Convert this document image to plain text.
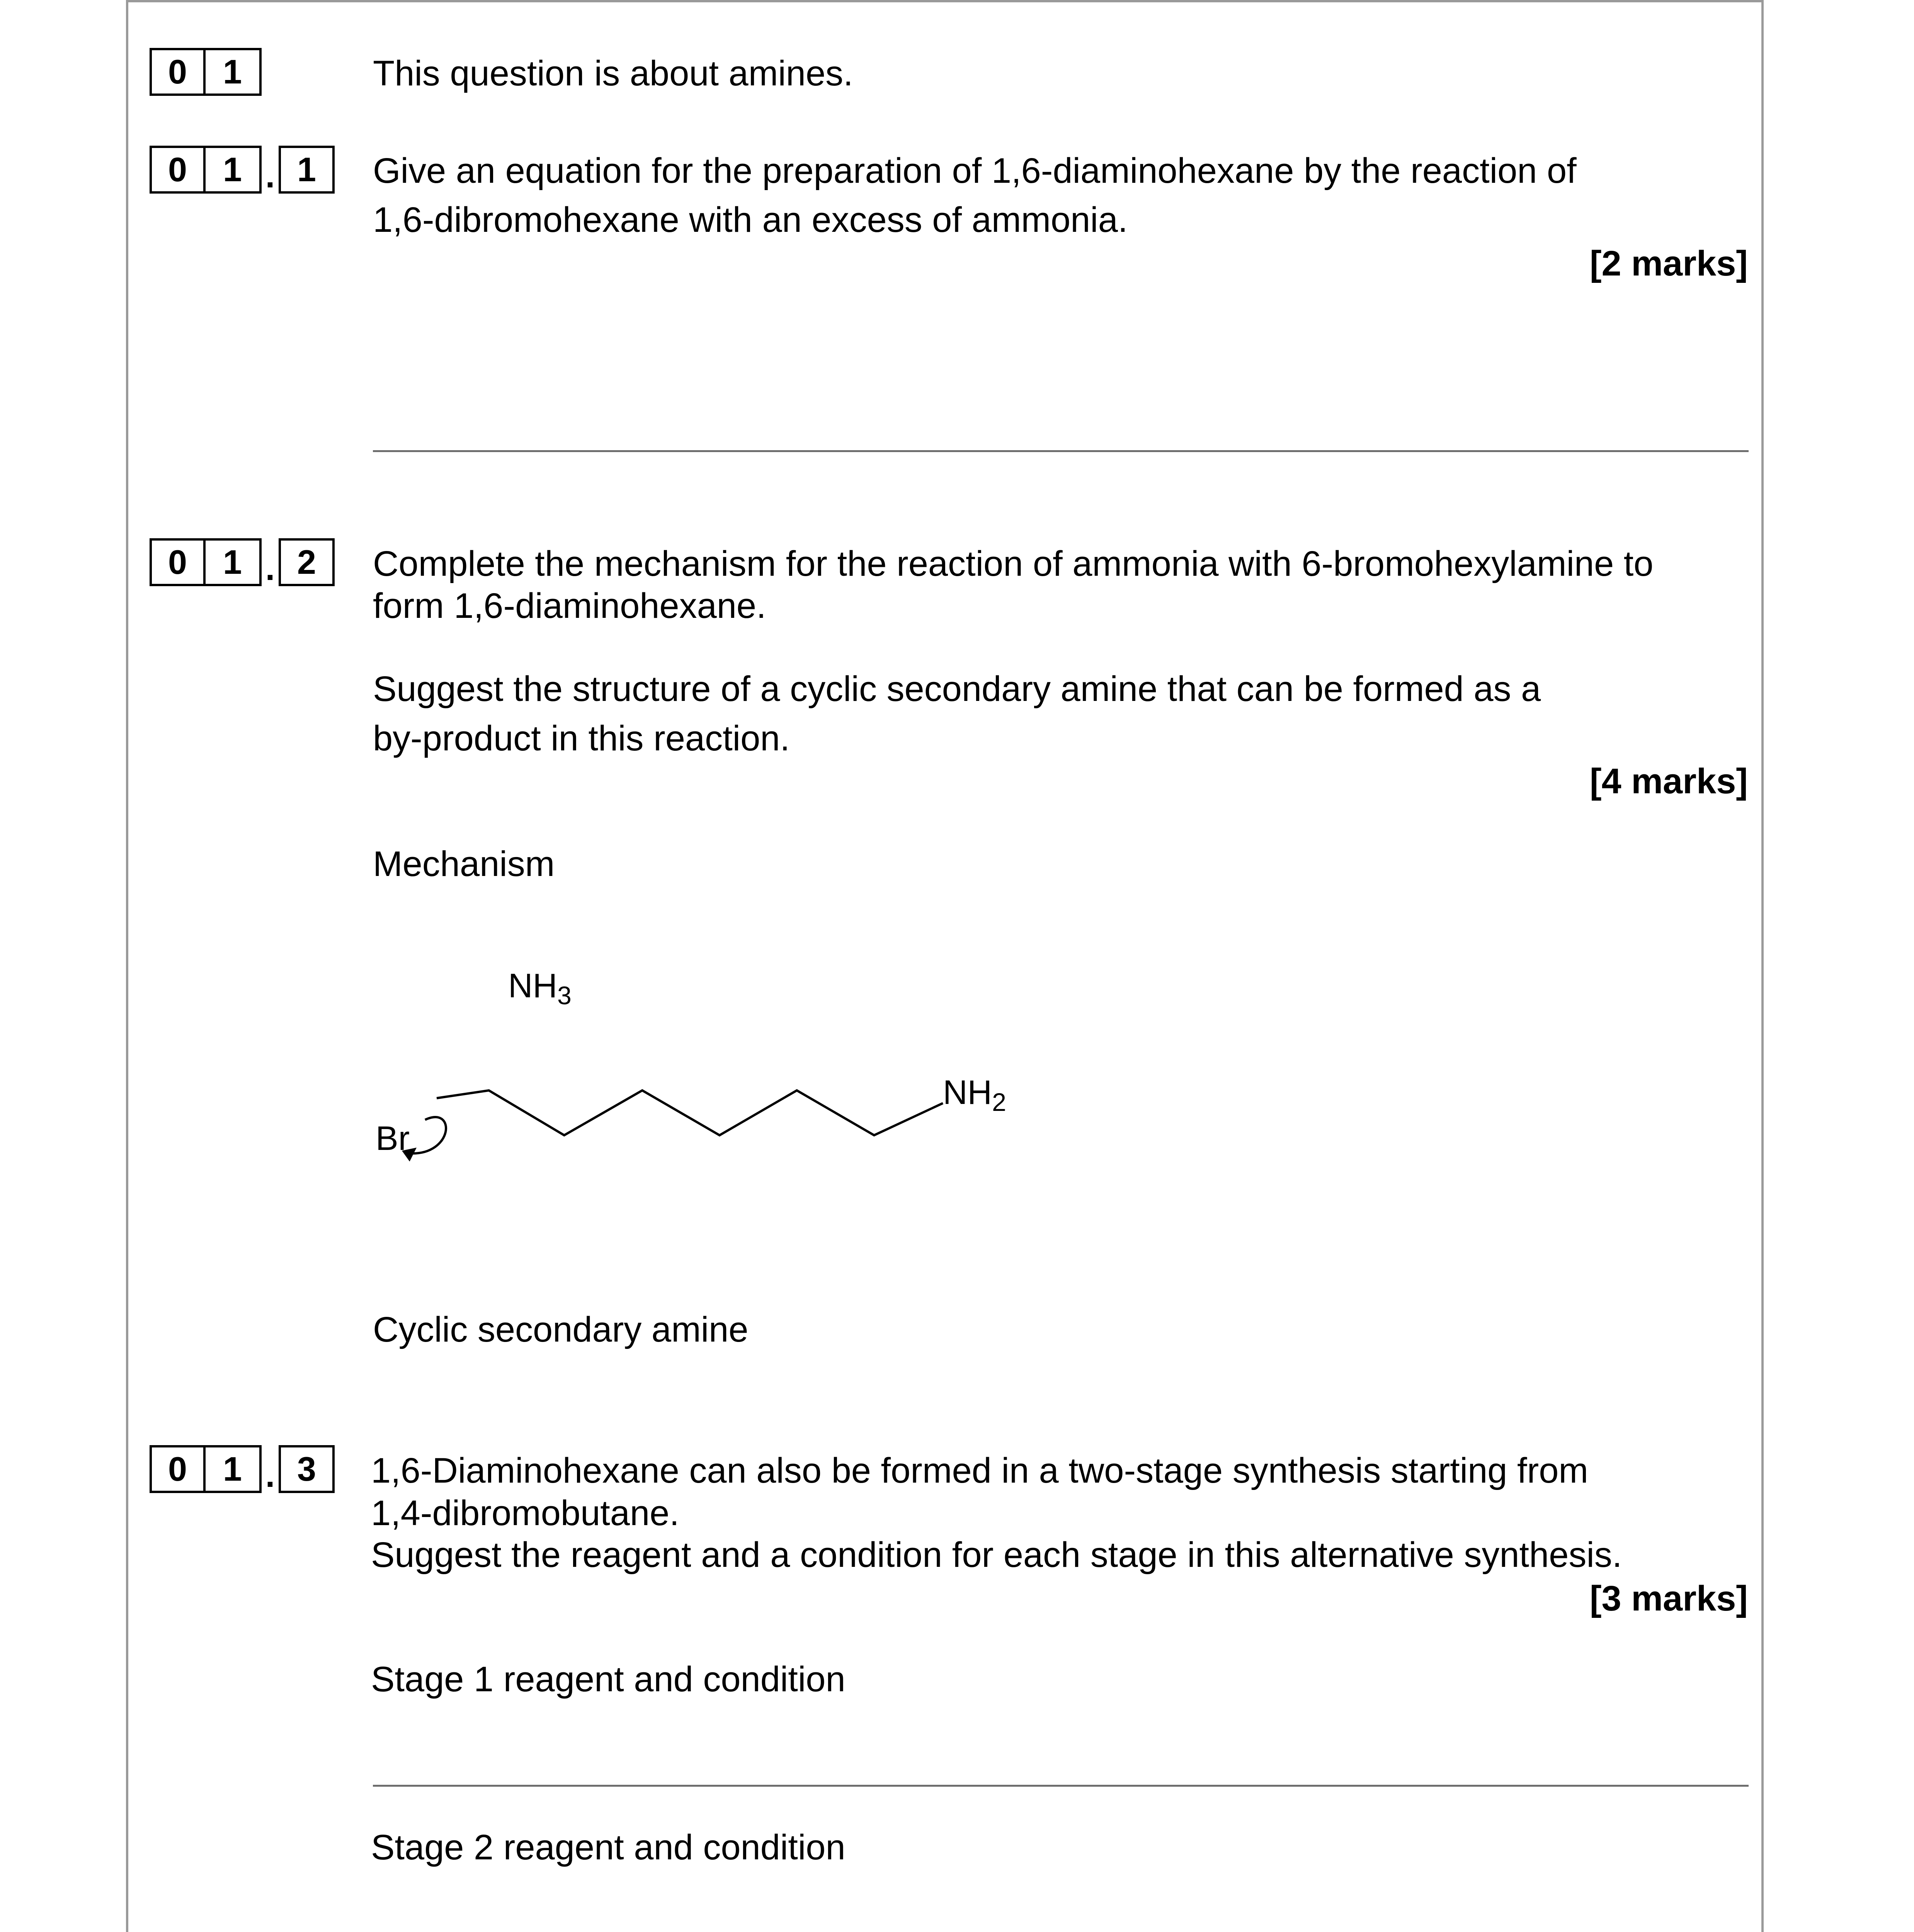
0	1	This question is about amines.
0	1 . 1	Give an equation for the preparation of 1,6-diaminohexane by the reaction of
1,6-dibromohexane with an excess of ammonia.
[2 marks]
0	1 . 2	Complete the mechanism for the reaction of ammonia with 6-bromohexylamine to
form 1,6-diaminohexane.
Suggest the structure of a cyclic secondary amine that can be formed as a
by-product in this reaction.
[4 marks]
Mechanism
$NH_3$
$NH_2$
Br
Cyclic secondary amine
0	1 . 3	1,6-Diaminohexane can also be formed in a two-stage synthesis starting from
1,4-dibromobutane.
Suggest the reagent and a condition for each stage in this alternative synthesis.
[3 marks]
Stage 1 reagent and condition
Stage 2 reagent and condition
